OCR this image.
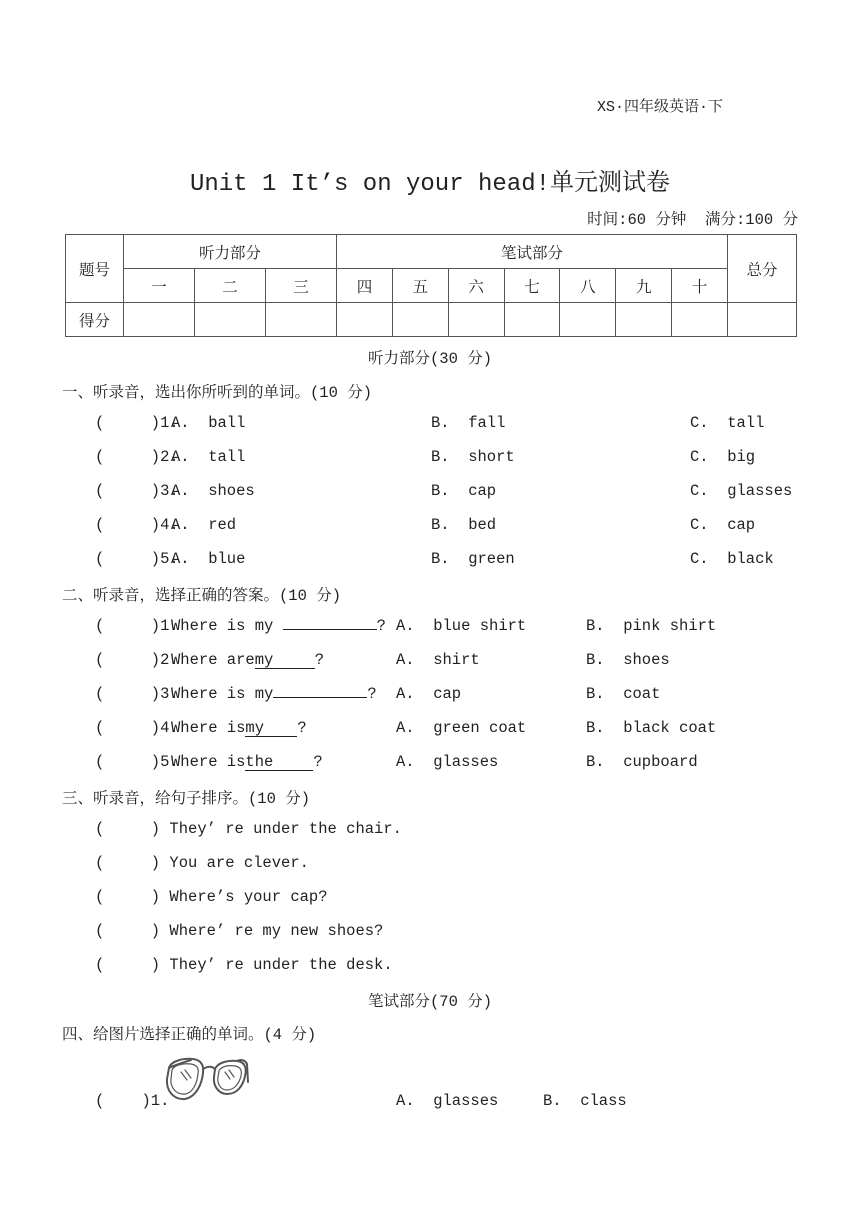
XS·四年级英语·下
Unit 1 It’s on your head!单元测试卷
时间:60 分钟  满分:100 分
题号	听力部分			笔试部分							总分
	一	二	三	四	五	六	七	八	九	十	
得分											
听力部分(30 分)
一、听录音，选出你所听到的单词。(10 分)
(     )1.
A.  ball	B.  fall	C.  tall
(     )2.
A.  tall	B.  short	C.  big
(     )3.
A.  shoes	B.  cap	C.  glasses
(     )4.
A.  red	B.  bed	C.  cap
(     )5.
A.  blue	B.  green	C.  black
二、听录音，选择正确的答案。(10 分)
(     )1.
Where is my	? A.  blue shirt	B.  pink shirt
(     )2.
Where aremy	?	A.  shirt	B.  shoes
(     )3.
Where is my	? A.  cap	B.  coat
(     )4.
Where ismy ?	A.  green coat	B.  black coat
(     )5.
Where isthe	?	A.  glasses	B.  cupboard
三、听录音，给句子排序。(10 分)
(     ) They’ re under the chair.
(     ) You are clever.
(     ) Where’s your cap?
(     ) Where’ re my new shoes?
(     ) They’ re under the desk.
笔试部分(70 分)
四、给图片选择正确的单词。(4 分)
(    )1.	A.  glasses	B.  class
